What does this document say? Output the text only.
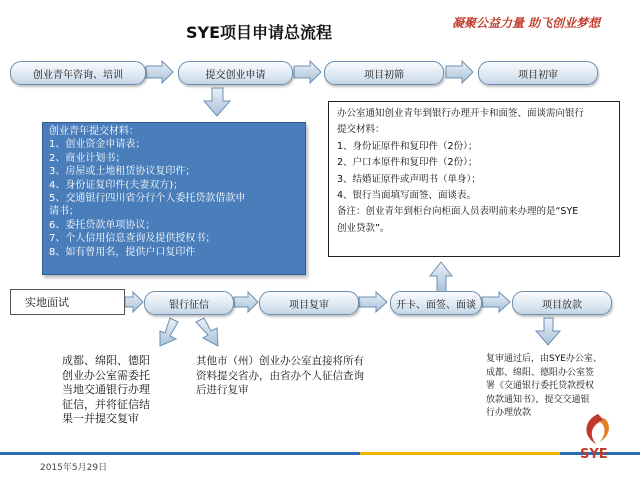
SYE项目申请总流程	凝聚公益力量 助飞创业梦想
创业青年咨询、培训	提交创业申请	项目初筛	项目初审
创业青年提交材料：
1、创业资金申请表；
2、商业计划书；
3、房屋或土地租赁协议复印件；
4、身份证复印件(夫妻双方)；
5、交通银行四川省分行个人委托贷款借款申
请书；
6、委托贷款单项协议；
7、个人信用信息查询及提供授权书；
8、如有曾用名，提供户口复印件
办公室通知创业青年到银行办理开卡和面签、面谈需向银行
提交材料：
1、身份证原件和复印件（2份）；
2、户口本原件和复印件（2份）；
3、结婚证原件或声明书（单身）；
4、银行当面填写面签、面谈表。
备注：创业青年到柜台向柜面人员表明前来办理的是“SYE
创业贷款”。
实地面试	银行征信	项目复审	开卡、面签、面谈	项目放款
成都、绵阳、德阳
创业办公室需委托
当地交通银行办理
征信，并将征信结
果一并提交复审
其他市（州）创业办公室直接将所有
资料提交省办，由省办个人征信查询
后进行复审
复审通过后，由SYE办公室、
成都、绵阳、德阳办公室签
署《交通银行委托贷款授权
放款通知书》，提交交通银
行办理放款
2015年5月29日
SYE
